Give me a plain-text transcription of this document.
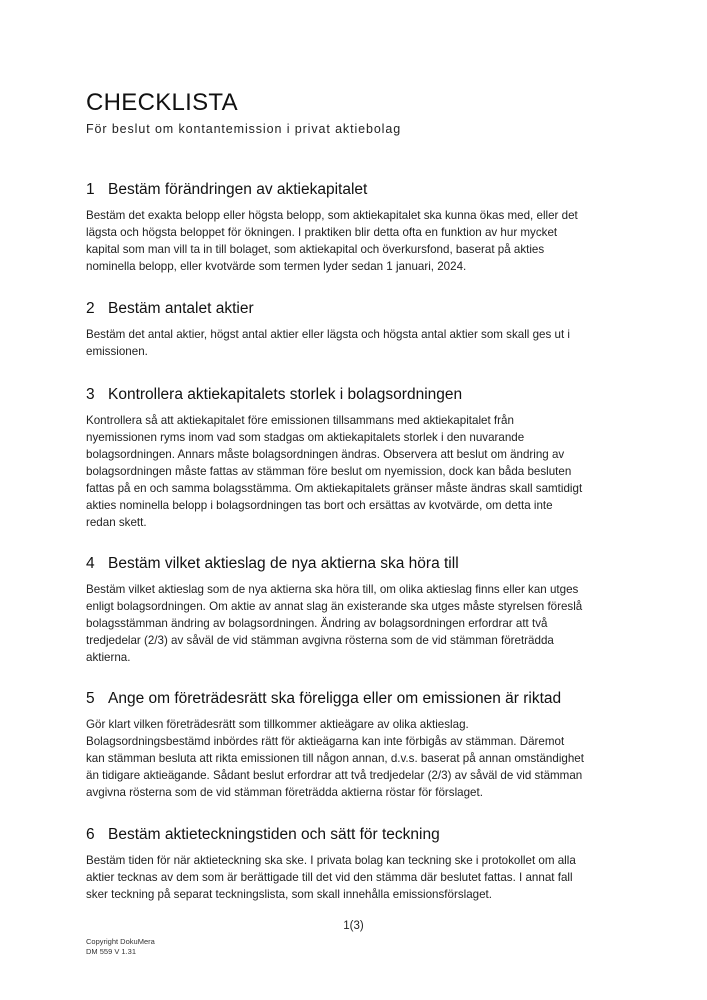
CHECKLISTA
För beslut om kontantemission i privat aktiebolag
1 Bestäm förändringen av aktiekapitalet

Bestäm det exakta belopp eller högsta belopp, som aktiekapitalet ska kunna ökas med, eller det
lägsta och högsta beloppet för ökningen. I praktiken blir detta ofta en funktion av hur mycket
kapital som man vill ta in till bolaget, som aktiekapital och överkursfond, baserat på akties
nominella belopp, eller kvotvärde som termen lyder sedan 1 januari, 2024.

2 Bestäm antalet aktier

Bestäm det antal aktier, högst antal aktier eller lägsta och högsta antal aktier som skall ges ut i
emissionen.

3 Kontrollera aktiekapitalets storlek i bolagsordningen

Kontrollera så att aktiekapitalet före emissionen tillsammans med aktiekapitalet från
nyemissionen ryms inom vad som stadgas om aktiekapitalets storlek i den nuvarande
bolagsordningen. Annars måste bolagsordningen ändras. Observera att beslut om ändring av
bolagsordningen måste fattas av stämman före beslut om nyemission, dock kan båda besluten
fattas på en och samma bolagsstämma. Om aktiekapitalets gränser måste ändras skall samtidigt
akties nominella belopp i bolagsordningen tas bort och ersättas av kvotvärde, om detta inte
redan skett.

4 Bestäm vilket aktieslag de nya aktierna ska höra till

Bestäm vilket aktieslag som de nya aktierna ska höra till, om olika aktieslag finns eller kan utges
enligt bolagsordningen. Om aktie av annat slag än existerande ska utges måste styrelsen föreslå
bolagsstämman ändring av bolagsordningen. Ändring av bolagsordningen erfordrar att två
tredjedelar (2/3) av såväl de vid stämman avgivna rösterna som de vid stämman företrädda
aktierna.

5 Ange om företrädesrätt ska föreligga eller om emissionen är riktad

Gör klart vilken företrädesrätt som tillkommer aktieägare av olika aktieslag.
Bolagsordningsbestämd inbördes rätt för aktieägarna kan inte förbigås av stämman. Däremot
kan stämman besluta att rikta emissionen till någon annan, d.v.s. baserat på annan omständighet
än tidigare aktieägande. Sådant beslut erfordrar att två tredjedelar (2/3) av såväl de vid stämman
avgivna rösterna som de vid stämman företrädda aktierna röstar för förslaget.

6 Bestäm aktieteckningstiden och sätt för teckning

Bestäm tiden för när aktieteckning ska ske. I privata bolag kan teckning ske i protokollet om alla
aktier tecknas av dem som är berättigade till det vid den stämma där beslutet fattas. I annat fall
sker teckning på separat teckningslista, som skall innehålla emissionsförslaget.

1(3)
Copyright DokuMera
DM 559 V 1.31
